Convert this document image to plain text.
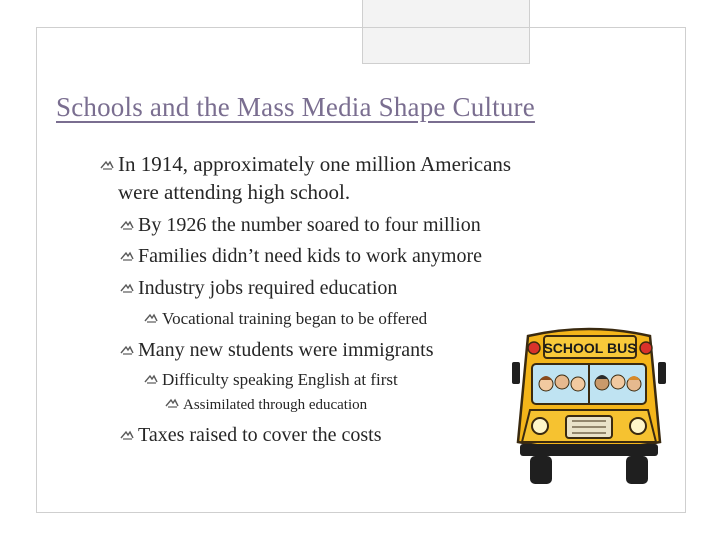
Schools and the Mass Media Shape Culture
In 1914, approximately one million Americans
were attending high school.
By 1926 the number soared to four million
Families didn’t need kids to work anymore
Industry jobs required education
Vocational training began to be offered
Many new students were immigrants
Difficulty speaking English at first
Assimilated through education
Taxes raised to cover the costs
SCHOOL BUS
